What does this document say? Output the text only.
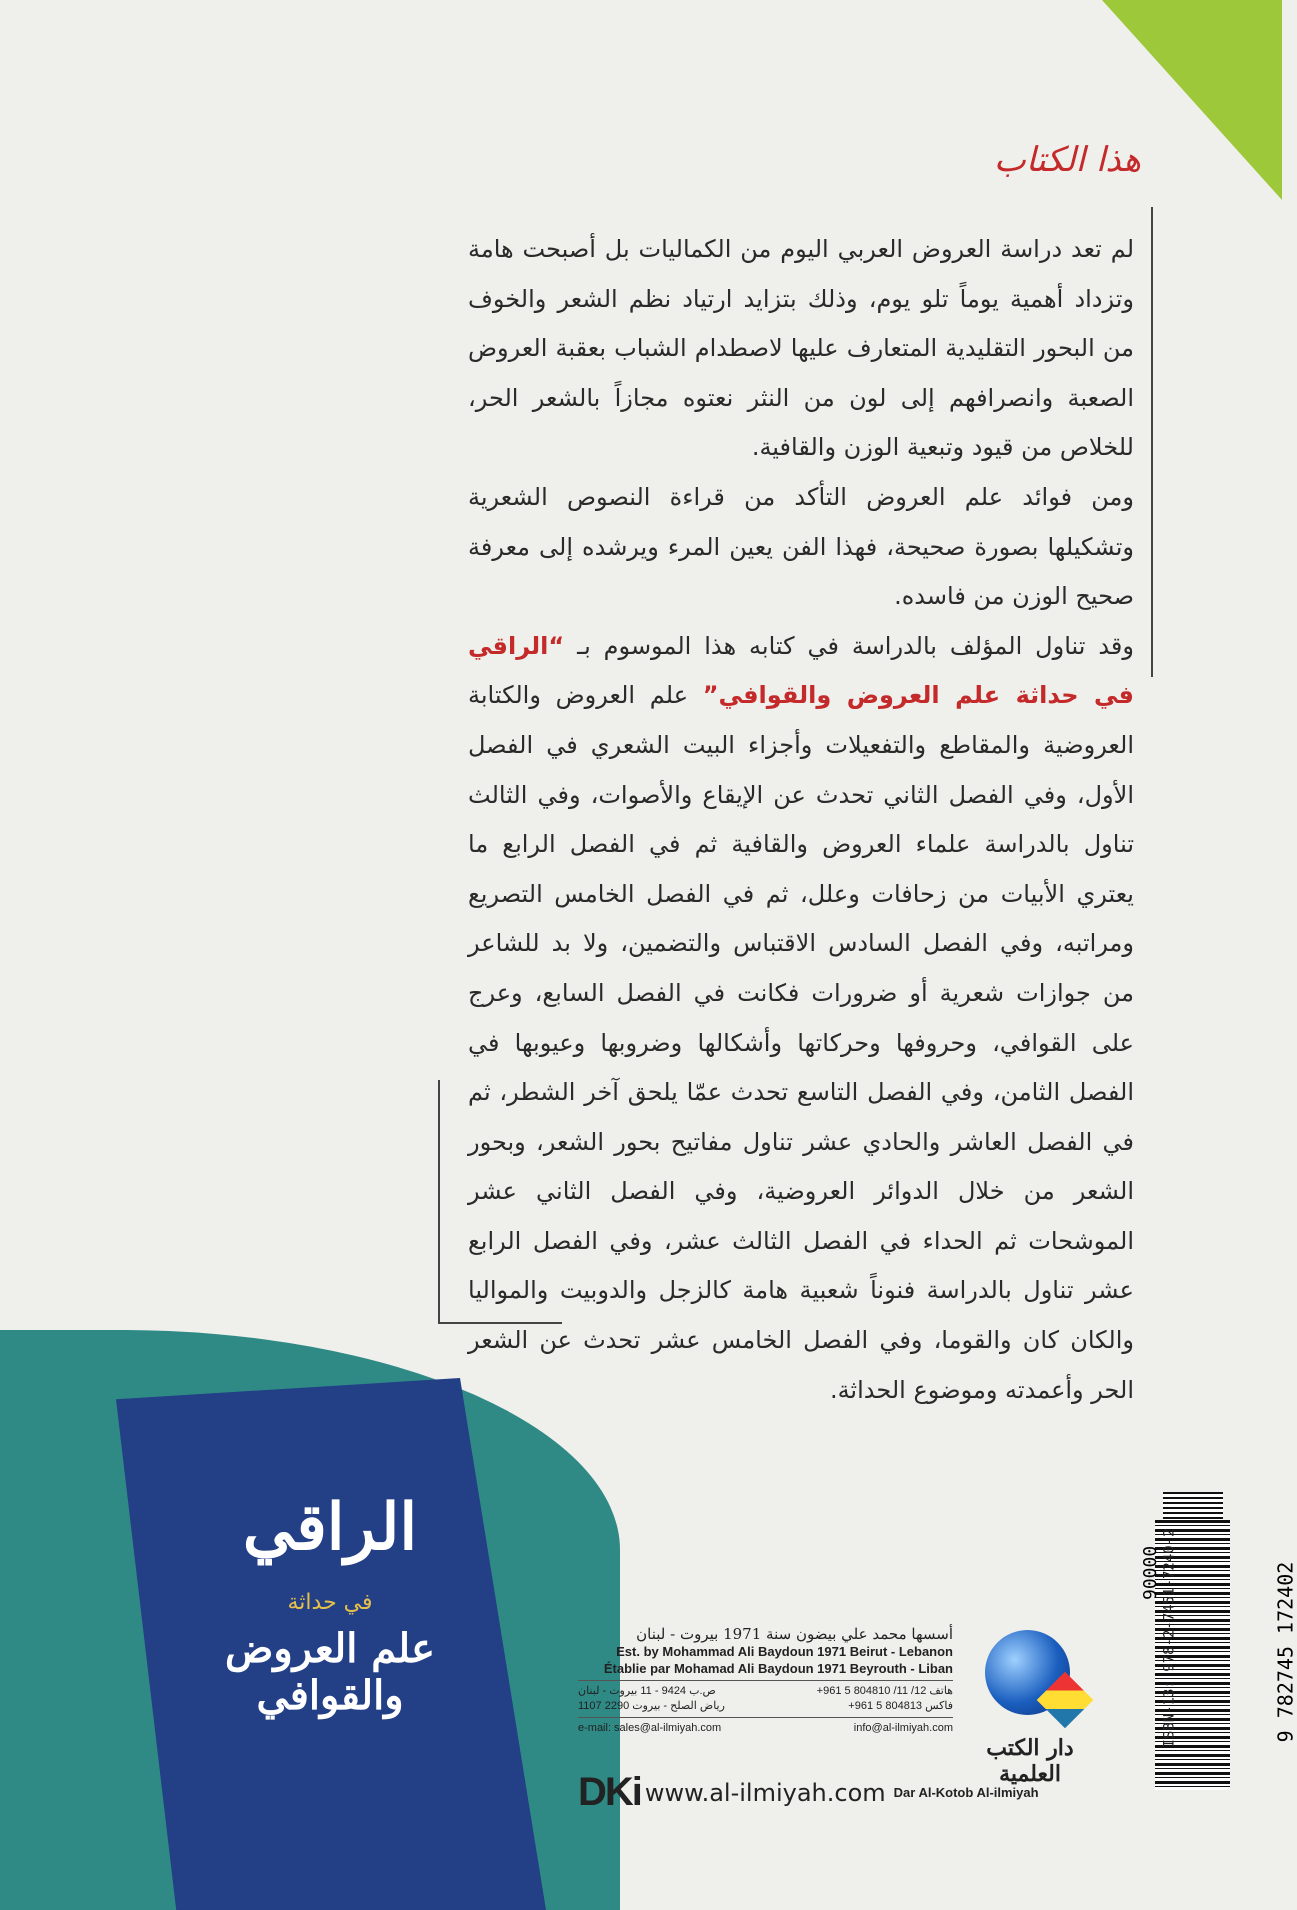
هذا الكتاب

لم تعد دراسة العروض العربي اليوم من الكماليات بل أصبحت هامة وتزداد أهمية يوماً تلو يوم، وذلك بتزايد ارتياد نظم الشعر والخوف من البحور التقليدية المتعارف عليها لاصطدام الشباب بعقبة العروض الصعبة وانصرافهم إلى لون من النثر نعتوه مجازاً بالشعر الحر، للخلاص من قيود وتبعية الوزن والقافية.

ومن فوائد علم العروض التأكد من قراءة النصوص الشعرية وتشكيلها بصورة صحيحة، فهذا الفن يعين المرء ويرشده إلى معرفة صحيح الوزن من فاسده.

وقد تناول المؤلف بالدراسة في كتابه هذا الموسوم بـ “الراقي في حداثة علم العروض والقوافي” علم العروض والكتابة العروضية والمقاطع والتفعيلات وأجزاء البيت الشعري في الفصل الأول، وفي الفصل الثاني تحدث عن الإيقاع والأصوات، وفي الثالث تناول بالدراسة علماء العروض والقافية ثم في الفصل الرابع ما يعتري الأبيات من زحافات وعلل، ثم في الفصل الخامس التصريع ومراتبه، وفي الفصل السادس الاقتباس والتضمين، ولا بد للشاعر من جوازات شعرية أو ضرورات فكانت في الفصل السابع، وعرج على القوافي، وحروفها وحركاتها وأشكالها وضروبها وعيوبها في الفصل الثامن، وفي الفصل التاسع تحدث عمّا يلحق آخر الشطر، ثم في الفصل العاشر والحادي عشر تناول مفاتيح بحور الشعر، وبحور الشعر من خلال الدوائر العروضية، وفي الفصل الثاني عشر الموشحات ثم الحداء في الفصل الثالث عشر، وفي الفصل الرابع عشر تناول بالدراسة فنوناً شعبية هامة كالزجل والدوبيت والمواليا والكان كان والقوما، وفي الفصل الخامس عشر تحدث عن الشعر الحر وأعمدته وموضوع الحداثة.

الراقي
في حداثة
علم العروض والقوافي
أسسها محمد علي بيضون سنة 1971 بيروت - لبنان
Est. by Mohammad Ali Baydoun 1971 Beirut - Lebanon
Établie par Mohamad Ali Baydoun 1971 Beyrouth - Liban
ص.ب 9424 - 11 بيروت - لبنان	هاتف 12/ 11/ 804810 5 961+
رياض الصلح - بيروت 2290 1107	فاكس 804813 5 961+
e-mail: sales@al-ilmiyah.com	info@al-ilmiyah.com
DKi www.al-ilmiyah.com Dar Al-Kotob Al-ilmiyah
دار الكتب العلمية
ISBN-13: 978-2-7451-7240-2	9 782745 172402
90000
